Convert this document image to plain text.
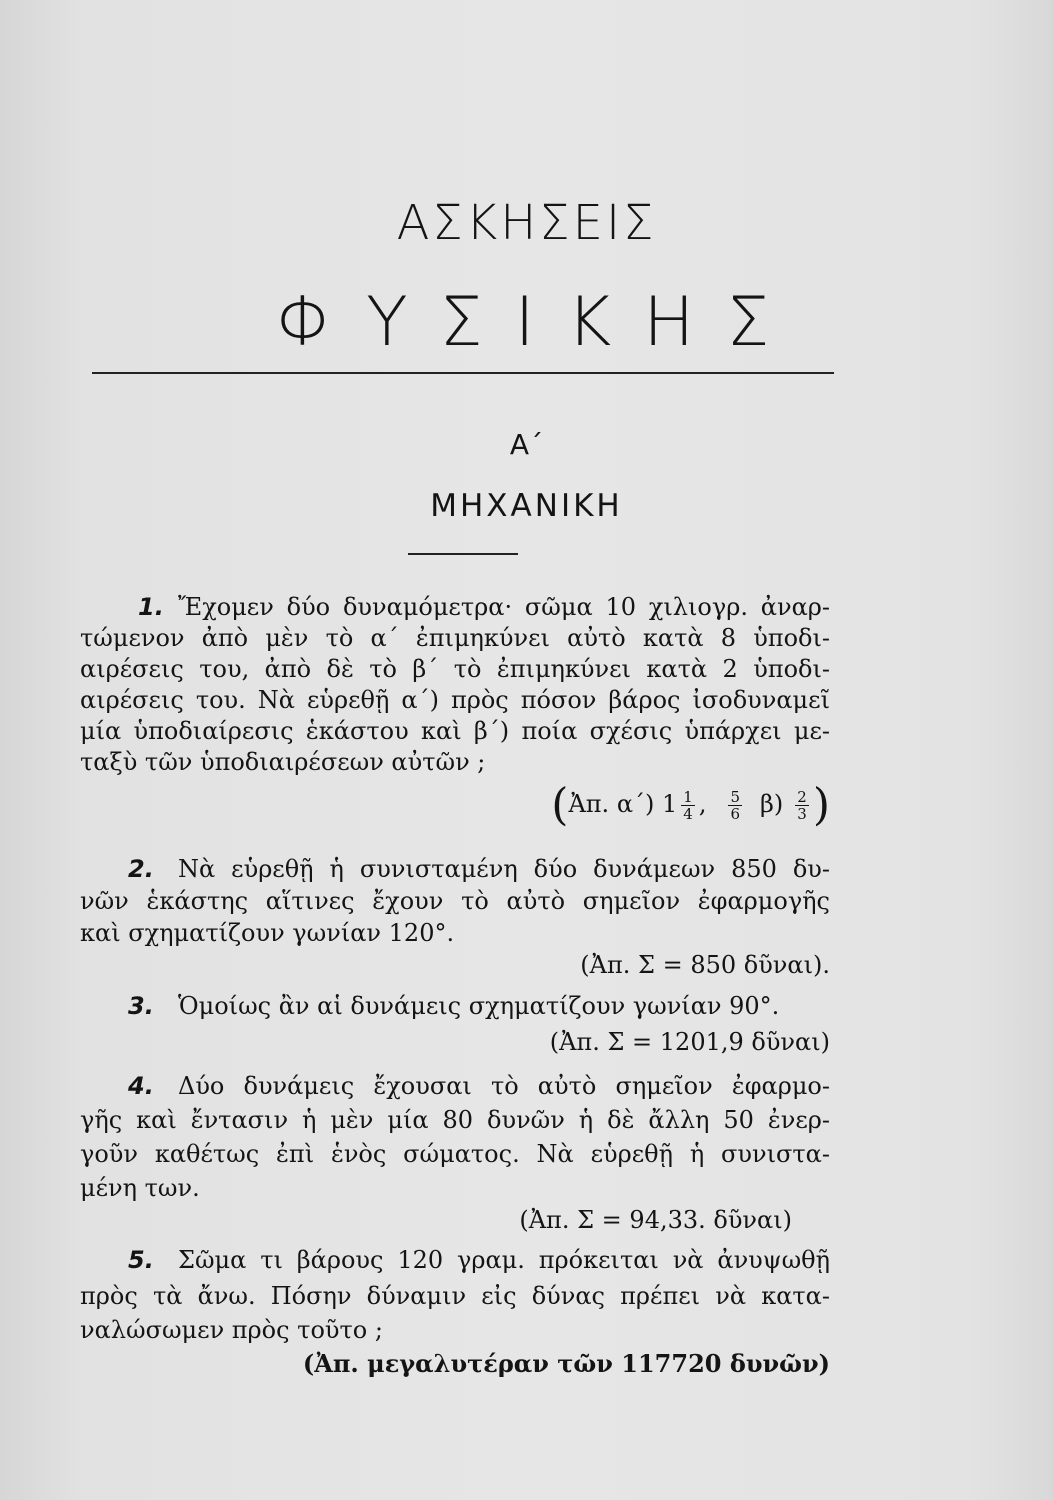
ΑΣΚΗΣΕΙΣ
ΦΥΣΙΚΗΣ
Α΄
ΜΗΧΑΝΙΚΗ
1. Ἔχομεν δύο δυναμόμετρα· σῶμα 10 χιλιογρ. ἀναρ-
τώμενον ἀπὸ μὲν τὸ α΄ ἐπιμηκύνει αὐτὸ κατὰ 8 ὑποδι-
αιρέσεις του, ἀπὸ δὲ τὸ β΄ τὸ ἐπιμηκύνει κατὰ 2 ὑποδι-
αιρέσεις του. Νὰ εὑρεθῇ α΄) πρὸς πόσον βάρος ἰσοδυναμεῖ
μία ὑποδιαίρεσις ἑκάστου καὶ β΄) ποία σχέσις ὑπάρχει με-
ταξὺ τῶν ὑποδιαιρέσεων αὐτῶν ;
(Ἀπ. α΄) $1 \frac{1}{4}$ , $\frac{5}{6} \beta) \frac{2}{3}$ )
2. Νὰ εὑρεθῇ ἡ συνισταμένη δύο δυνάμεων 850 δυ-
νῶν ἑκάστης αἵτινες ἔχουν τὸ αὐτὸ σημεῖον ἐφαρμογῆς
καὶ σχηματίζουν γωνίαν 120°.
(Ἀπ. Σ = 850 δῦναι).
3. Ὁμοίως ἂν αἱ δυνάμεις σχηματίζουν γωνίαν 90°.
(Ἀπ. Σ = 1201,9 δῦναι)
4. Δύο δυνάμεις ἔχουσαι τὸ αὐτὸ σημεῖον ἐφαρμο-
γῆς καὶ ἔντασιν ἡ μὲν μία 80 δυνῶν ἡ δὲ ἄλλη 50 ἐνερ-
γοῦν καθέτως ἐπὶ ἑνὸς σώματος. Νὰ εὑρεθῇ ἡ συνιστα-
μένη των.
(Ἀπ. Σ = 94,33. δῦναι)
5. Σῶμα τι βάρους 120 γραμ. πρόκειται νὰ ἀνυψωθῇ
πρὸς τὰ ἄνω. Πόσην δύναμιν εἰς δύνας πρέπει νὰ κατα-
ναλώσωμεν πρὸς τοῦτο ;
(Ἀπ. μεγαλυτέραν τῶν 117720 δυνῶν)
